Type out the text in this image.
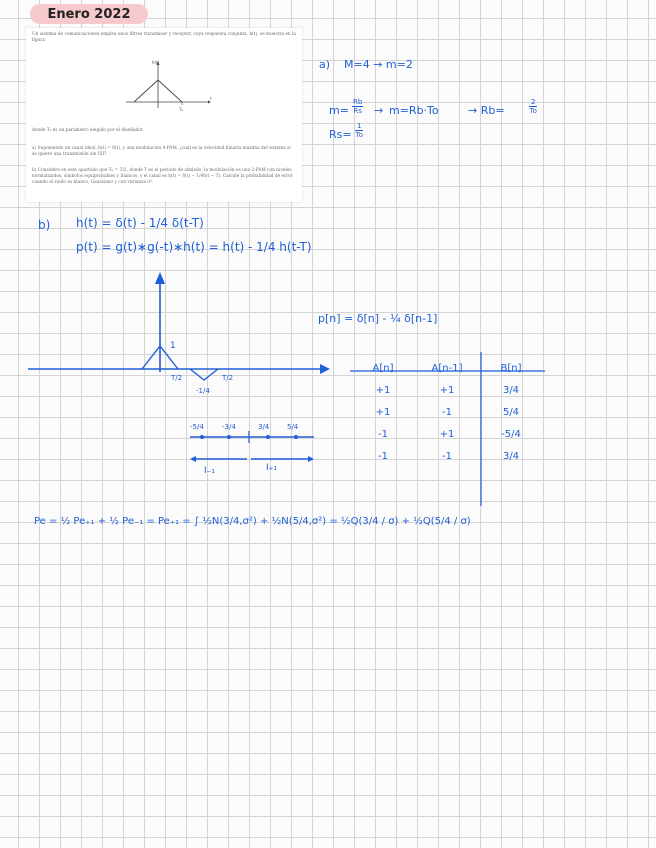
Enero 2022
Un sistema de comunicaciones emplea unos filtros transmisor y receptor, cuya respuesta conjunta, h(t), se muestra en la figura
h(t)
t
T₀
donde T₀ es un parámetro elegido por el diseñador.
a) Suponiendo un canal ideal, h(t) = δ(t), y una modulación 4-PAM, ¿cuál es la velocidad binaria máxima del sistema si se quiere una transmisión sin ISI?
b) Considere en este apartado que T₀ = T/2, donde T es el periodo de símbolo, la modulación es una 2-PAM con niveles normalizados, símbolos equiprobables y blancos, y el canal es h(t) = δ(t) − 1/4δ(t − T). Calcule la probabilidad de error cuando el ruido es blanco, Gaussiano y con varianza σ².
a) M=4 → m=2
m=
Rb
Rs → m=Rb·To	→ Rb=
2
To
Rs=
1
To
b) h(t) = δ(t) - 1/4 δ(t-T)
p(t) = g(t)∗g(-t)∗h(t) = h(t) - 1/4 h(t-T)
1
T/2	T/2
-1/4
-5/4	-3/4	3/4	5/4
I₋₁	I₊₁
p[n] = δ[n] - ¼ δ[n-1]
A[n]	A[n-1]	B[n]
+1	+1	3/4
+1	-1	5/4
-1	+1	-5/4
-1	-1	3/4
Pe = ½ Pe₊₁ + ½ Pe₋₁ = Pe₊₁ = ∫ ½N(3/4,σ²) + ½N(5/4,σ²) = ½Q(3/4 / σ) + ½Q(5/4 / σ)
